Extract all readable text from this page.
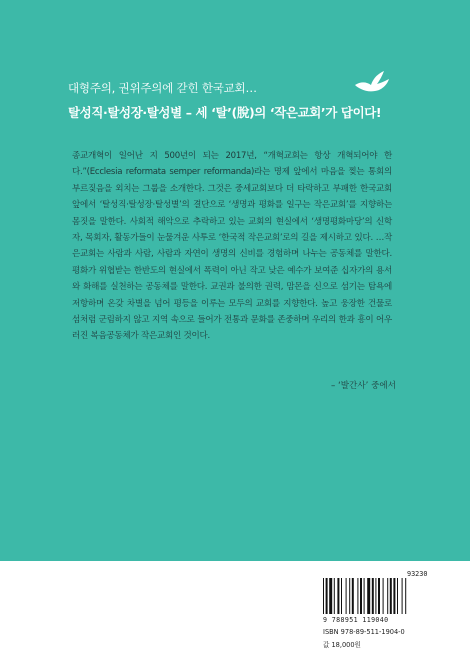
대형주의, 권위주의에 갇힌 한국교회…
탈성직·탈성장·탈성별 – 세 ‘탈’(脫)의 ‘작은교회’가 답이다!

종교개혁이 일어난 지 500년이 되는 2017년, “개혁교회는 항상 개혁되어야 한다.”(Ecclesia reformata semper reformanda)라는 명제 앞에서 마음을 찢는 통회의 부르짖음을 외치는 그룹을 소개한다. 그것은 중세교회보다 더 타락하고 부패한 한국교회 앞에서 ‘탈성직·탈성장·탈성별’의 결단으로 ‘생명과 평화를 일구는 작은교회’를 지향하는 몸짓을 말한다. 사회적 해악으로 추락하고 있는 교회의 현실에서 ‘생명평화마당’의 신학자, 목회자, 활동가들이 눈물겨운 사투로 ‘한국적 작은교회’로의 길을 제시하고 있다. …작은교회는 사람과 사람, 사람과 자연이 생명의 신비를 경험하며 나누는 공동체를 말한다. 평화가 위협받는 한반도의 현실에서 폭력이 아닌 작고 낮은 예수가 보여준 십자가의 용서와 화해를 실천하는 공동체를 말한다. 교권과 불의한 권력, 맘몬을 신으로 섬기는 탐욕에 저항하며 온갖 차별을 넘어 평등을 이루는 모두의 교회를 지향한다. 높고 웅장한 건물로 섬처럼 군림하지 않고 지역 속으로 들어가 전통과 문화를 존중하며 우리의 한과 흥이 어우러진 복음공동체가 작은교회인 것이다.

– ‘발간사’ 중에서
93230
9 788951 119040
ISBN 978-89-511-1904-0
값 18,000원
